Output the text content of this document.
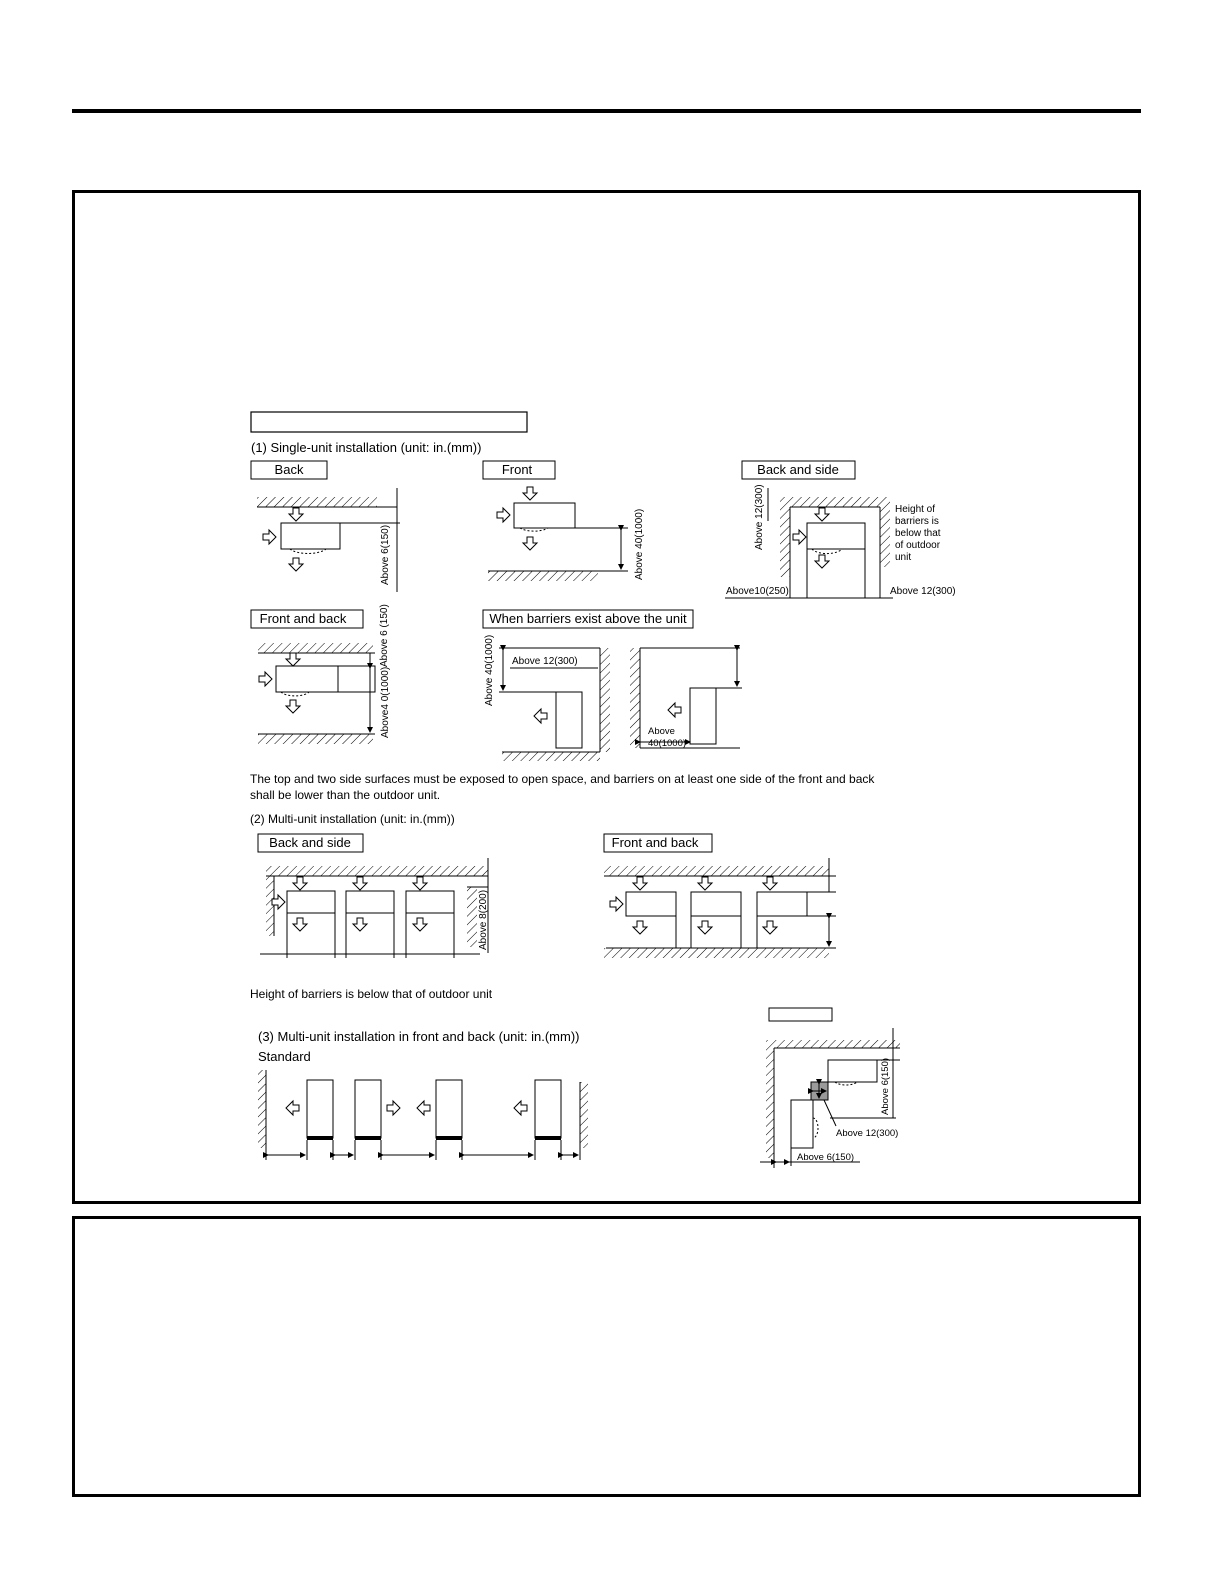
(1) Single-unit installation (unit: in.(mm))
Back
Above 6(150)
Front
Above 40(1000)
Back and side
Above 12(300)
Above10(250)	Above 12(300)
Height of
barriers is
below that
of outdoor
unit
Front and back	Above 6 (150)
Above4 0(1000)
When barriers exist above the unit
Above 40(1000) Above 12(300)
Above
40(1000)
The top and two side surfaces must be exposed to open space, and barriers on at least one side of the front and back
shall be lower than the outdoor unit.
(2) Multi-unit installation (unit: in.(mm))
Back and side
Above 8(200)
Front and back
Height of barriers is below that of outdoor unit
(3) Multi-unit installation in front and back (unit: in.(mm))
Standard
Above 6(150)
Above 12(300)
Above 6(150)
